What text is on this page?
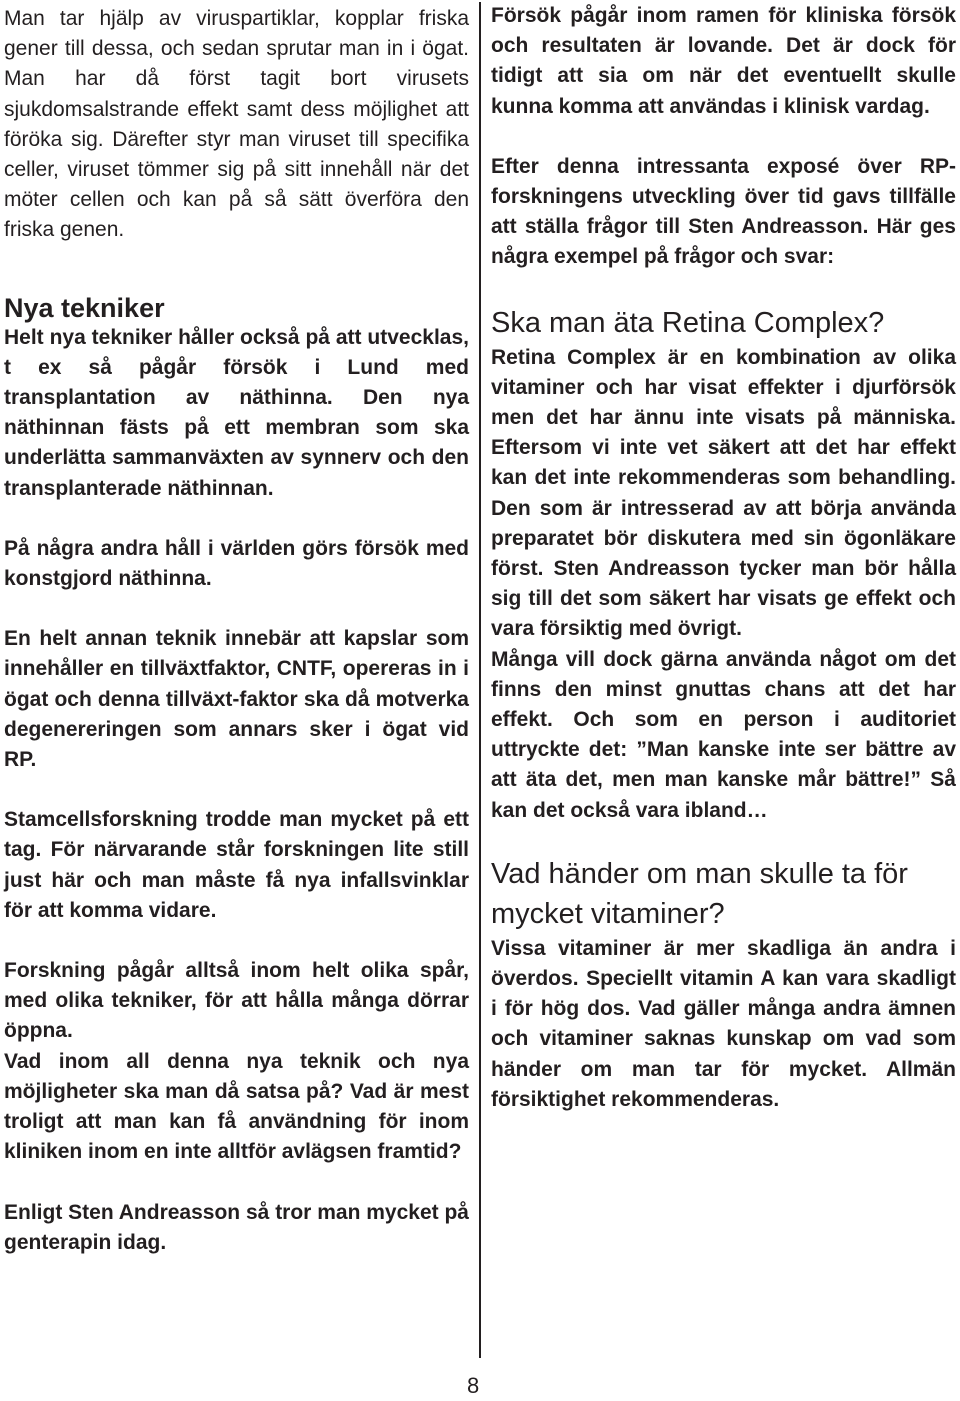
Man tar hjälp av viruspartiklar, kopplar friska gener till dessa, och sedan sprutar man in i ögat. Man har då först tagit bort virusets sjukdomsalstrande effekt samt dess möjlighet att föröka sig. Därefter styr man viruset till specifika celler, viruset tömmer sig på sitt innehåll när det möter cellen och kan på så sätt överföra den friska genen.

Nya tekniker

Helt nya tekniker håller också på att utvecklas, t ex så pågår försök i Lund med transplantation av näthinna. Den nya näthinnan fästs på ett membran som ska underlätta sammanväxten av synnerv och den transplanterade näthinnan.

På några andra håll i världen görs försök med konstgjord näthinna.

En helt annan teknik innebär att kapslar som innehåller en tillväxtfaktor, CNTF, opereras in i ögat och denna tillväxt-faktor ska då motverka degenereringen som annars sker i ögat vid RP.

Stamcellsforskning trodde man mycket på ett tag. För närvarande står forskningen lite still just här och man måste få nya infallsvinklar för att komma vidare.

Forskning pågår alltså inom helt olika spår, med olika tekniker, för att hålla många dörrar öppna.

Vad inom all denna nya teknik och nya möjligheter ska man då satsa på? Vad är mest troligt att man kan få användning för inom kliniken inom en inte alltför avlägsen framtid?

Enligt Sten Andreasson så tror man mycket på genterapin idag.

Försök pågår inom ramen för kliniska försök och resultaten är lovande. Det är dock för tidigt att sia om när det eventuellt skulle kunna komma att användas i klinisk vardag.

Efter denna intressanta exposé över RP-forskningens utveckling över tid gavs tillfälle att ställa frågor till Sten Andreasson. Här ges några exempel på frågor och svar:

Ska man äta Retina Complex?

Retina Complex är en kombination av olika vitaminer och har visat effekter i djurförsök men det har ännu inte visats på människa. Eftersom vi inte vet säkert att det har effekt kan det inte rekommenderas som behandling. Den som är intresserad av att börja använda preparatet bör diskutera med sin ögonläkare först. Sten Andreasson tycker man bör hålla sig till det som säkert har visats ge effekt och vara försiktig med övrigt.

Många vill dock gärna använda något om det finns den minst gnuttas chans att det har effekt. Och som en person i auditoriet uttryckte det: ”Man kanske inte ser bättre av att äta det, men man kanske mår bättre!” Så kan det också vara ibland…

Vad händer om man skulle ta för mycket vitaminer?

Vissa vitaminer är mer skadliga än andra i överdos. Speciellt vitamin A kan vara skadligt i för hög dos. Vad gäller många andra ämnen och vitaminer saknas kunskap om vad som händer om man tar för mycket. Allmän försiktighet rekommenderas.

8
